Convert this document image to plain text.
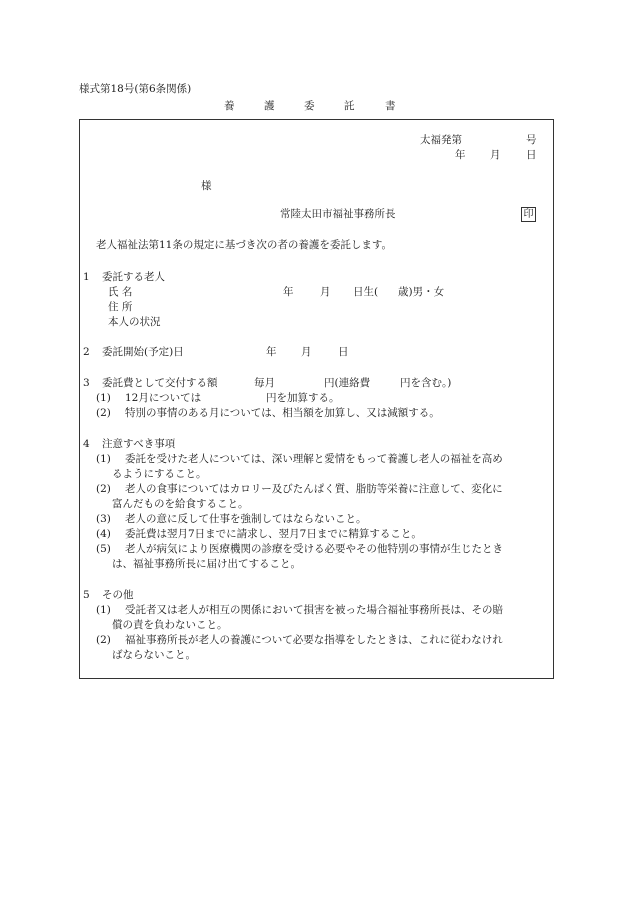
様式第18号(第6条関係)
養	護	委	託	書
太福発第	号
年 月 日
様
常陸太田市福祉事務所長	印
老人福祉法第11条の規定に基づき次の者の養護を委託します。
1 委託する老人
氏 名	年	月 日生( 歳)男・女
住 所
本人の状況
2 委託開始(予定)日	年 月	日
3 委託費として交付する額	毎月	円(連絡費	円を含む。)
(1) 12月については	円を加算する。
(2) 特別の事情のある月については、相当額を加算し、又は減額する。
4 注意すべき事項
(1) 委託を受けた老人については、深い理解と愛情をもって養護し老人の福祉を高め
るようにすること。
(2) 老人の食事についてはカロリー及びたんぱく質、脂肪等栄養に注意して、変化に
富んだものを給食すること。
(3) 老人の意に反して仕事を強制してはならないこと。
(4) 委託費は翌月7日までに請求し、翌月7日までに精算すること。
(5) 老人が病気により医療機関の診療を受ける必要やその他特別の事情が生じたとき
は、福祉事務所長に届け出てすること。
5 その他
(1) 受託者又は老人が相互の関係において損害を被った場合福祉事務所長は、その賠
償の責を負わないこと。
(2) 福祉事務所長が老人の養護について必要な指導をしたときは、これに従わなけれ
ばならないこと。
